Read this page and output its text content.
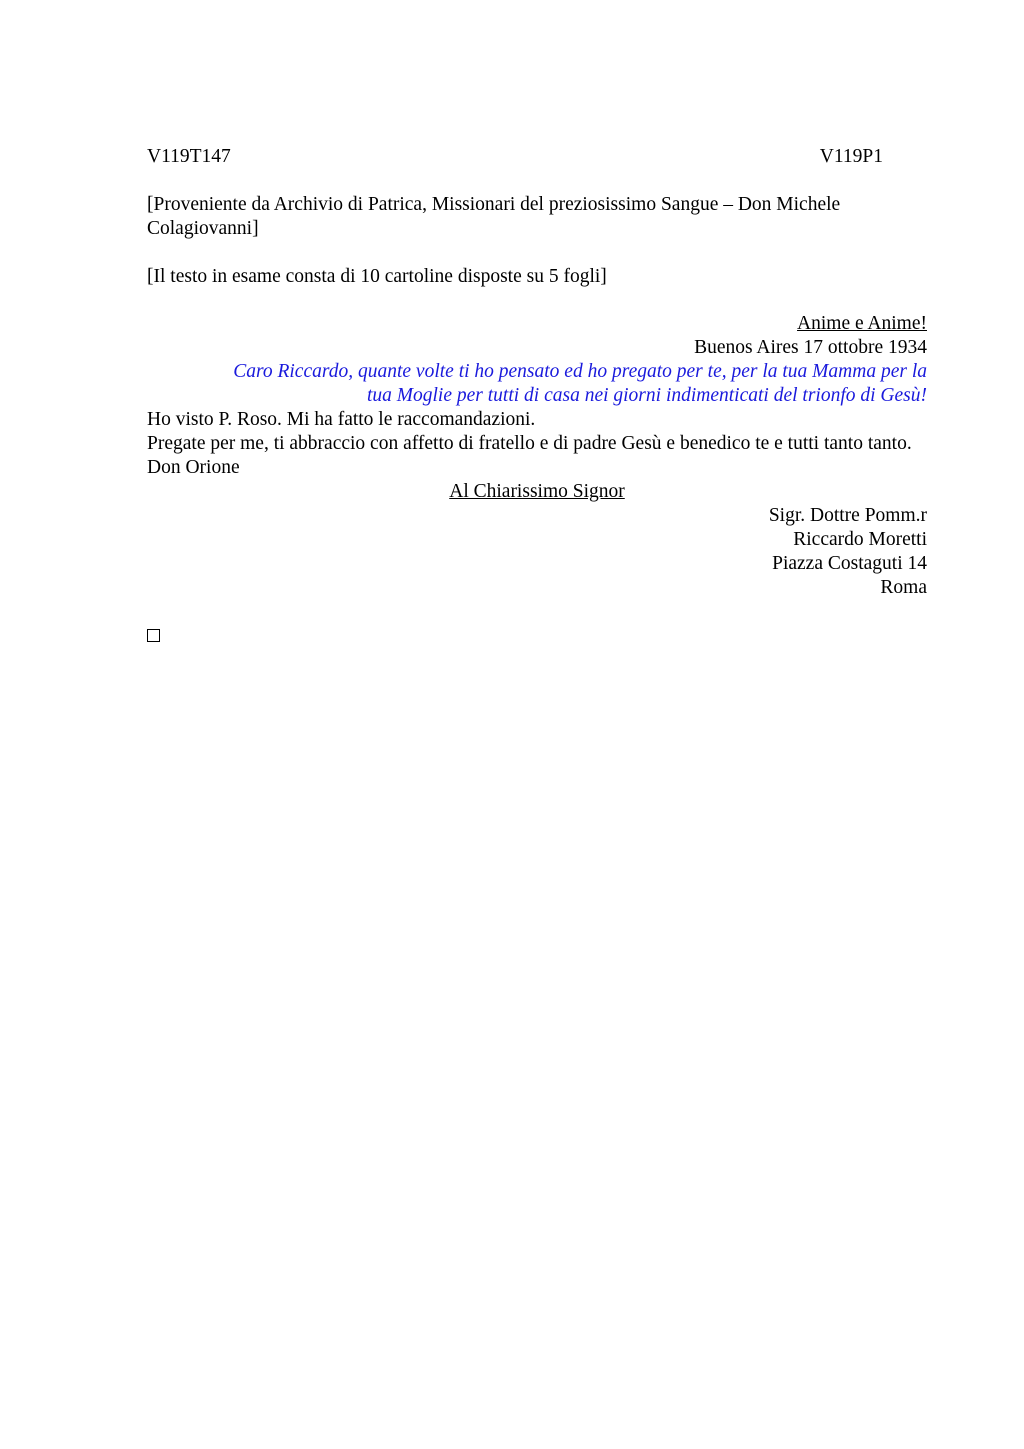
V119T147	V119P1
[Proveniente da Archivio di Patrica, Missionari del preziosissimo Sangue – Don Michele Colagiovanni]
[Il testo in esame consta di 10 cartoline disposte su 5 fogli]
Anime e Anime!
Buenos Aires 17 ottobre 1934
Caro Riccardo, quante volte ti ho pensato ed ho pregato per te, per la tua Mamma per la tua Moglie per tutti di casa nei giorni indimenticati del trionfo di Gesù!
Ho visto P. Roso. Mi ha fatto le raccomandazioni.
Pregate per me, ti abbraccio con affetto di fratello e di padre Gesù e benedico te e tutti tanto tanto.
Don Orione
Al Chiarissimo Signor
Sigr. Dottre Pomm.r
Riccardo Moretti
Piazza Costaguti 14
Roma
